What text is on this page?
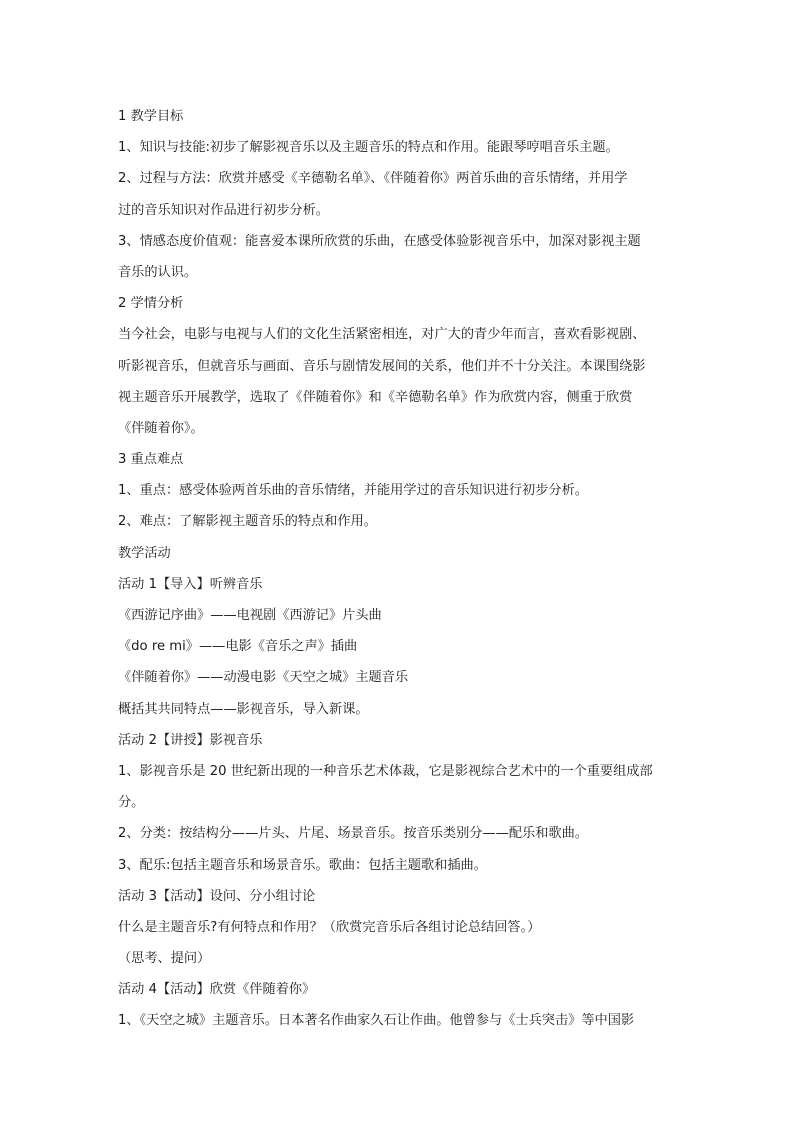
1 教学目标
1、知识与技能:初步了解影视音乐以及主题音乐的特点和作用。能跟琴哼唱音乐主题。
2、过程与方法：欣赏并感受《辛德勒名单》、《伴随着你》两首乐曲的音乐情绪，并用学
过的音乐知识对作品进行初步分析。
3、情感态度价值观：能喜爱本课所欣赏的乐曲，在感受体验影视音乐中，加深对影视主题
音乐的认识。
2 学情分析
当今社会，电影与电视与人们的文化生活紧密相连，对广大的青少年而言，喜欢看影视剧、
听影视音乐，但就音乐与画面、音乐与剧情发展间的关系，他们并不十分关注。本课围绕影
视主题音乐开展教学，选取了《伴随着你》和《辛德勒名单》作为欣赏内容，侧重于欣赏
《伴随着你》。
3 重点难点
1、重点：感受体验两首乐曲的音乐情绪，并能用学过的音乐知识进行初步分析。
2、难点：了解影视主题音乐的特点和作用。
教学活动
活动 1【导入】听辨音乐
《西游记序曲》——电视剧《西游记》片头曲
《do re mi》——电影《音乐之声》插曲
《伴随着你》——动漫电影《天空之城》主题音乐
概括其共同特点——影视音乐，导入新课。
活动 2【讲授】影视音乐
1、影视音乐是 20 世纪新出现的一种音乐艺术体裁，它是影视综合艺术中的一个重要组成部
分。
2、分类：按结构分——片头、片尾、场景音乐。按音乐类别分——配乐和歌曲。
3、配乐:包括主题音乐和场景音乐。歌曲：包括主题歌和插曲。
活动 3【活动】设问、分小组讨论
什么是主题音乐?有何特点和作用？（欣赏完音乐后各组讨论总结回答。）
（思考、提问）
活动 4【活动】欣赏《伴随着你》
1、《天空之城》主题音乐。日本著名作曲家久石让作曲。他曾参与《士兵突击》等中国影
